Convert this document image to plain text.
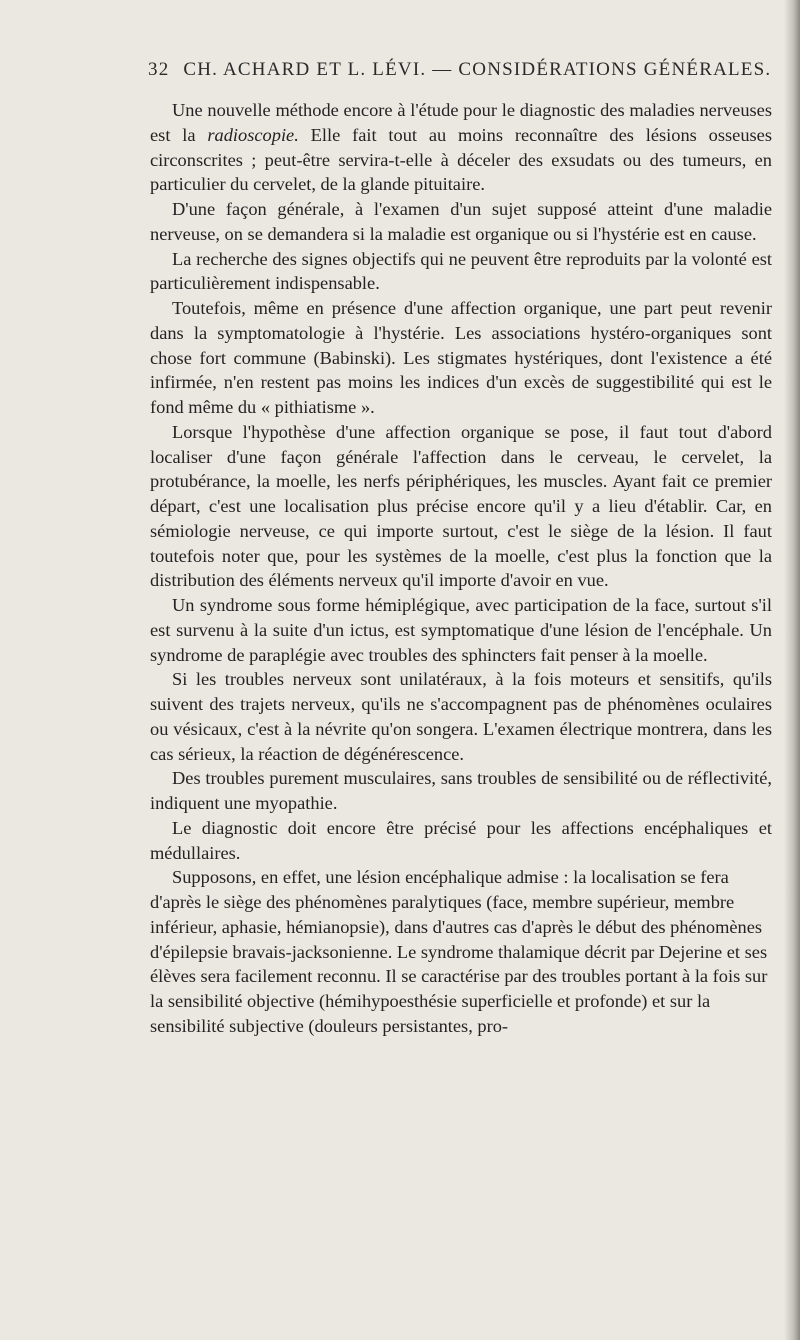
32 CH. ACHARD ET L. LÉVI. — CONSIDÉRATIONS GÉNÉRALES.

Une nouvelle méthode encore à l'étude pour le diagnostic des maladies nerveuses est la radioscopie. Elle fait tout au moins reconnaître des lésions osseuses circonscrites ; peut-être servira-t-elle à déceler des exsudats ou des tumeurs, en particulier du cervelet, de la glande pituitaire.

D'une façon générale, à l'examen d'un sujet supposé atteint d'une maladie nerveuse, on se demandera si la maladie est organique ou si l'hystérie est en cause.

La recherche des signes objectifs qui ne peuvent être reproduits par la volonté est particulièrement indispensable.

Toutefois, même en présence d'une affection organique, une part peut revenir dans la symptomatologie à l'hystérie. Les associations hystéro-organiques sont chose fort commune (Babinski). Les stigmates hystériques, dont l'existence a été infirmée, n'en restent pas moins les indices d'un excès de suggestibilité qui est le fond même du « pithiatisme ».

Lorsque l'hypothèse d'une affection organique se pose, il faut tout d'abord localiser d'une façon générale l'affection dans le cerveau, le cervelet, la protubérance, la moelle, les nerfs périphériques, les muscles. Ayant fait ce premier départ, c'est une localisation plus précise encore qu'il y a lieu d'établir. Car, en sémiologie nerveuse, ce qui importe surtout, c'est le siège de la lésion. Il faut toutefois noter que, pour les systèmes de la moelle, c'est plus la fonction que la distribution des éléments nerveux qu'il importe d'avoir en vue.

Un syndrome sous forme hémiplégique, avec participation de la face, surtout s'il est survenu à la suite d'un ictus, est symptomatique d'une lésion de l'encéphale. Un syndrome de paraplégie avec troubles des sphincters fait penser à la moelle.

Si les troubles nerveux sont unilatéraux, à la fois moteurs et sensitifs, qu'ils suivent des trajets nerveux, qu'ils ne s'accompagnent pas de phénomènes oculaires ou vésicaux, c'est à la névrite qu'on songera. L'examen électrique montrera, dans les cas sérieux, la réaction de dégénérescence.

Des troubles purement musculaires, sans troubles de sensibilité ou de réflectivité, indiquent une myopathie.

Le diagnostic doit encore être précisé pour les affections encéphaliques et médullaires.

Supposons, en effet, une lésion encéphalique admise : la localisation se fera d'après le siège des phénomènes paralytiques (face, membre supérieur, membre inférieur, aphasie, hémianopsie), dans d'autres cas d'après le début des phénomènes d'épilepsie bravais-jacksonienne. Le syndrome thalamique décrit par Dejerine et ses élèves sera facilement reconnu. Il se caractérise par des troubles portant à la fois sur la sensibilité objective (hémihypoesthésie superficielle et profonde) et sur la sensibilité subjective (douleurs persistantes, pro-
